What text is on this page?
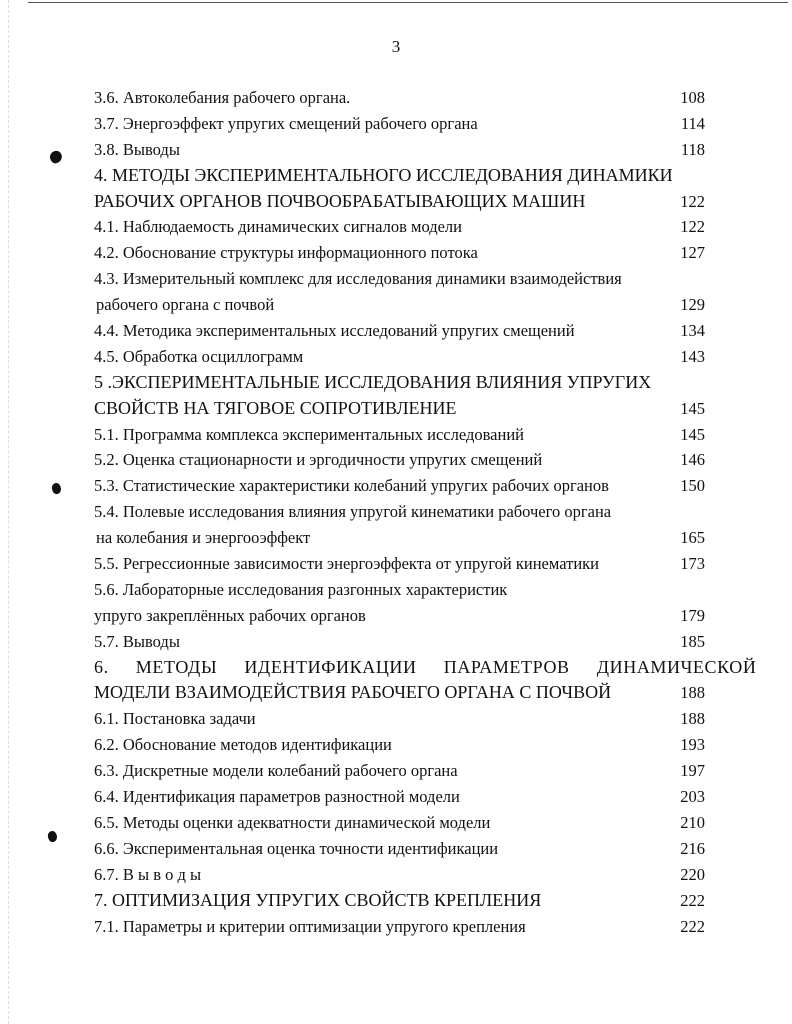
3
3.6. Автоколебания рабочего органа.	108
3.7. Энергоэффект упругих смещений рабочего органа	114
3.8. Выводы	118
4. МЕТОДЫ ЭКСПЕРИМЕНТАЛЬНОГО ИССЛЕДОВАНИЯ ДИНАМИКИ
РАБОЧИХ ОРГАНОВ ПОЧВООБРАБАТЫВАЮЩИХ МАШИН	122
4.1. Наблюдаемость динамических сигналов модели	122
4.2. Обоснование структуры информационного потока	127
4.3. Измерительный комплекс для исследования динамики взаимодействия
рабочего органа с почвой	129
4.4. Методика экспериментальных исследований упругих смещений	134
4.5. Обработка осциллограмм	143
5 .ЭКСПЕРИМЕНТАЛЬНЫЕ ИССЛЕДОВАНИЯ ВЛИЯНИЯ УПРУГИХ
СВОЙСТВ НА ТЯГОВОЕ СОПРОТИВЛЕНИЕ	145
5.1. Программа комплекса экспериментальных исследований	145
5.2. Оценка стационарности и эргодичности упругих смещений	146
5.3. Статистические характеристики колебаний упругих рабочих органов	150
5.4. Полевые исследования влияния упругой кинематики рабочего органа
на колебания и энергооэффект	165
5.5. Регрессионные зависимости энергоэффекта от упругой кинематики	173
5.6. Лабораторные исследования разгонных характеристик
упруго закреплённых рабочих органов	179
5.7. Выводы	185
6. МЕТОДЫ ИДЕНТИФИКАЦИИ ПАРАМЕТРОВ ДИНАМИЧЕСКОЙ
МОДЕЛИ ВЗАИМОДЕЙСТВИЯ РАБОЧЕГО ОРГАНА С ПОЧВОЙ	188
6.1. Постановка задачи	188
6.2. Обоснование методов идентификации	193
6.3. Дискретные модели колебаний рабочего органа	197
6.4. Идентификация параметров разностной модели	203
6.5. Методы оценки адекватности динамической модели	210
6.6. Экспериментальная оценка точности идентификации	216
6.7. В ы в о д ы	220
7. ОПТИМИЗАЦИЯ УПРУГИХ СВОЙСТВ КРЕПЛЕНИЯ	222
7.1. Параметры и критерии оптимизации упругого крепления	222
